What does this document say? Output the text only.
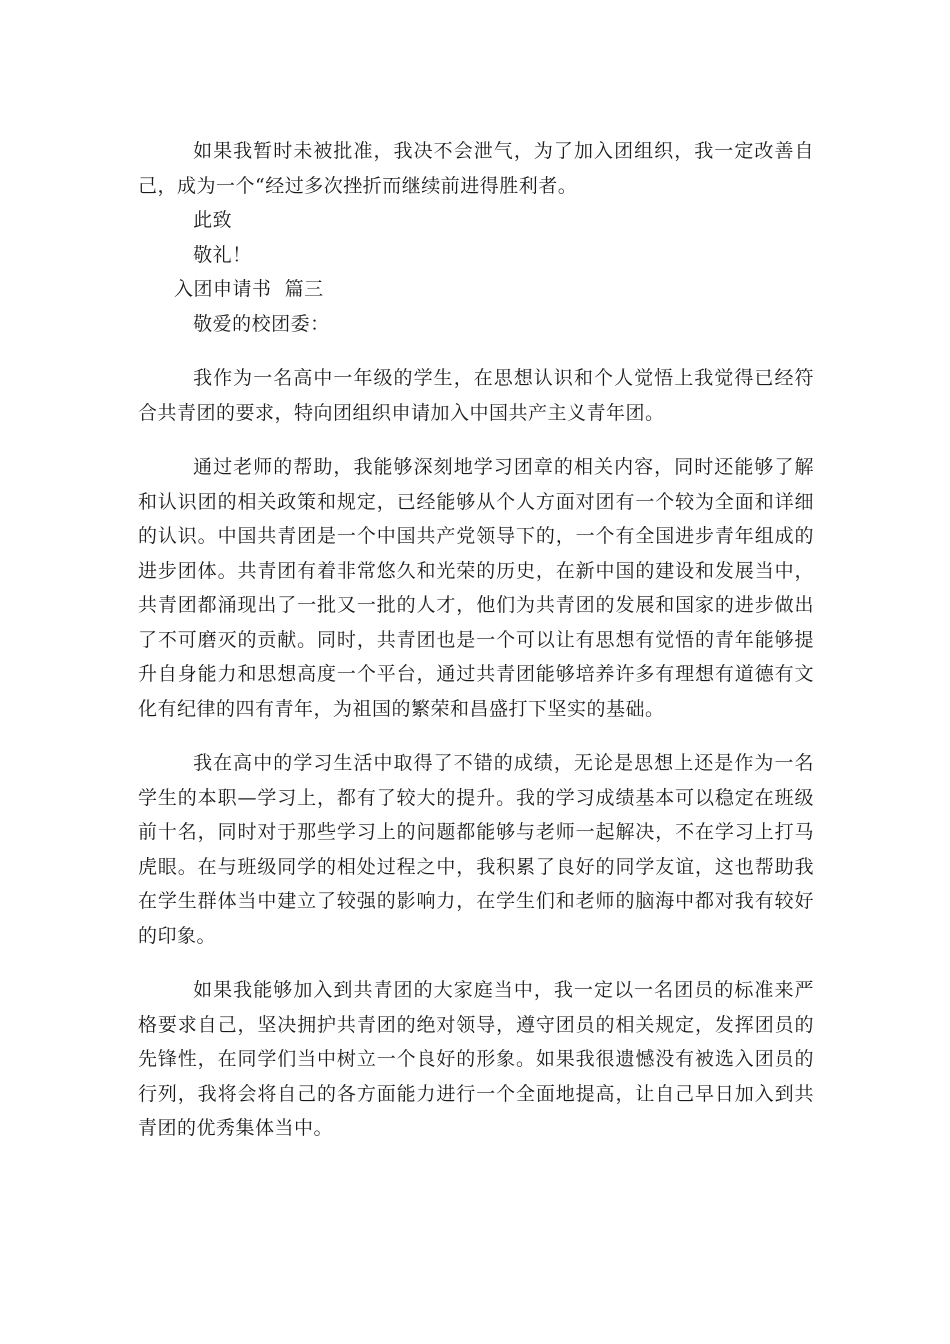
如果我暂时未被批准，我决不会泄气，为了加入团组织，我一定改善自己，成为一个“经过多次挫折而继续前进得胜利者。

此致

敬礼！

入团申请书  篇三

敬爱的校团委：

我作为一名高中一年级的学生，在思想认识和个人觉悟上我觉得已经符合共青团的要求，特向团组织申请加入中国共产主义青年团。

通过老师的帮助，我能够深刻地学习团章的相关内容，同时还能够了解和认识团的相关政策和规定，已经能够从个人方面对团有一个较为全面和详细的认识。中国共青团是一个中国共产党领导下的，一个有全国进步青年组成的进步团体。共青团有着非常悠久和光荣的历史，在新中国的建设和发展当中，共青团都涌现出了一批又一批的人才，他们为共青团的发展和国家的进步做出了不可磨灭的贡献。同时，共青团也是一个可以让有思想有觉悟的青年能够提升自身能力和思想高度一个平台，通过共青团能够培养许多有理想有道德有文化有纪律的四有青年，为祖国的繁荣和昌盛打下坚实的基础。

我在高中的学习生活中取得了不错的成绩，无论是思想上还是作为一名学生的本职—学习上，都有了较大的提升。我的学习成绩基本可以稳定在班级前十名，同时对于那些学习上的问题都能够与老师一起解决，不在学习上打马虎眼。在与班级同学的相处过程之中，我积累了良好的同学友谊，这也帮助我在学生群体当中建立了较强的影响力，在学生们和老师的脑海中都对我有较好的印象。

如果我能够加入到共青团的大家庭当中，我一定以一名团员的标准来严格要求自己，坚决拥护共青团的绝对领导，遵守团员的相关规定，发挥团员的先锋性，在同学们当中树立一个良好的形象。如果我很遗憾没有被选入团员的行列，我将会将自己的各方面能力进行一个全面地提高，让自己早日加入到共青团的优秀集体当中。
